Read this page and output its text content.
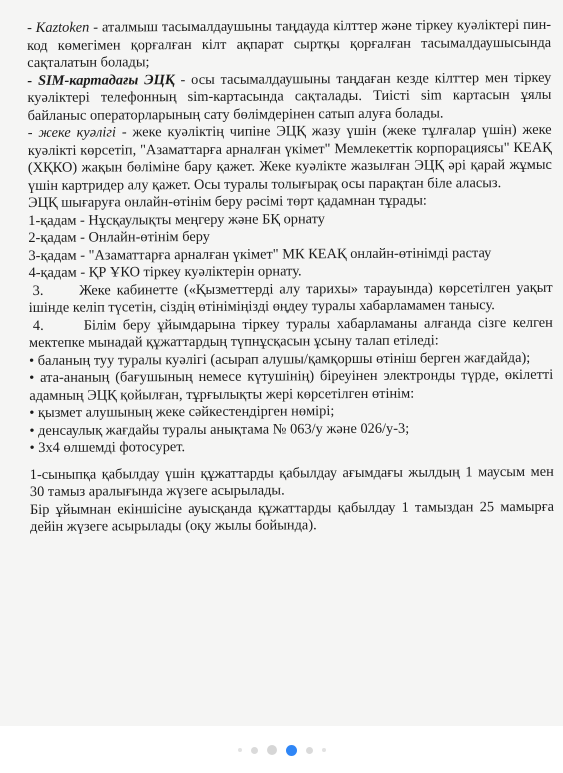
- Kaztoken - аталмыш тасымалдаушыны таңдауда кілттер және тіркеу куәліктері пин-код көмегімен қорғалған кілт ақпарат сыртқы қорғалған тасымалдаушысында сақталатын болады;

- SIM-картадағы ЭЦҚ - осы тасымалдаушыны таңдаған кезде кілттер мен тіркеу куәліктері телефонның sim-картасында сақталады. Тиісті sim картасын ұялы байланыс операторларының сату бөлімдерінен сатып алуға болады.

- жеке куәлігі - жеке куәліктің чипіне ЭЦҚ жазу үшін (жеке тұлғалар үшін) жеке куәлікті көрсетіп, "Азаматтарға арналған үкімет" Мемлекеттік корпорациясы" КЕАҚ (ХҚКО) жақын бөліміне бару қажет. Жеке куәлікте жазылған ЭЦҚ әрі қарай жұмыс үшін картридер алу қажет. Осы туралы толығырақ осы парақтан біле аласыз.

ЭЦҚ шығаруға онлайн-өтінім беру рәсімі төрт қадамнан тұрады:

1-қадам - Нұсқаулықты меңгеру және БҚ орнату

2-қадам - Онлайн-өтінім беру

3-қадам - "Азаматтарға арналған үкімет" МК КЕАҚ онлайн-өтінімді растау

4-қадам - ҚР ҰКО тіркеу куәліктерін орнату.

3.      Жеке кабинетте («Қызметтерді алу тарихы» тарауында) көрсетілген уақыт ішінде келіп түсетін, сіздің өтініміңізді өңдеу туралы хабарламамен танысу.

4.      Білім беру ұйымдарына тіркеу туралы хабарламаны алғанда сізге келген мектепке мынадай құжаттардың түпнұсқасын ұсыну талап етіледі:

• баланың туу туралы куәлігі (асырап алушы/қамқоршы өтініш берген жағдайда);

• ата-ананың (бағушының немесе күтушінің) біреуінен электронды түрде, өкілетті адамның ЭЦҚ қойылған, тұрғылықты жері көрсетілген өтінім:

• қызмет алушының жеке сәйкестендірген нөмірі;

• денсаулық жағдайы туралы анықтама № 063/у және 026/у-3;

• 3х4 өлшемді фотосурет.

1-сыныпқа қабылдау үшін құжаттарды қабылдау ағымдағы жылдың 1 маусым мен 30 тамыз аралығында жүзеге асырылады.

Бір ұйымнан екіншісіне ауысқанда құжаттарды қабылдау 1 тамыздан 25 мамырға дейін жүзеге асырылады (оқу жылы бойында).
